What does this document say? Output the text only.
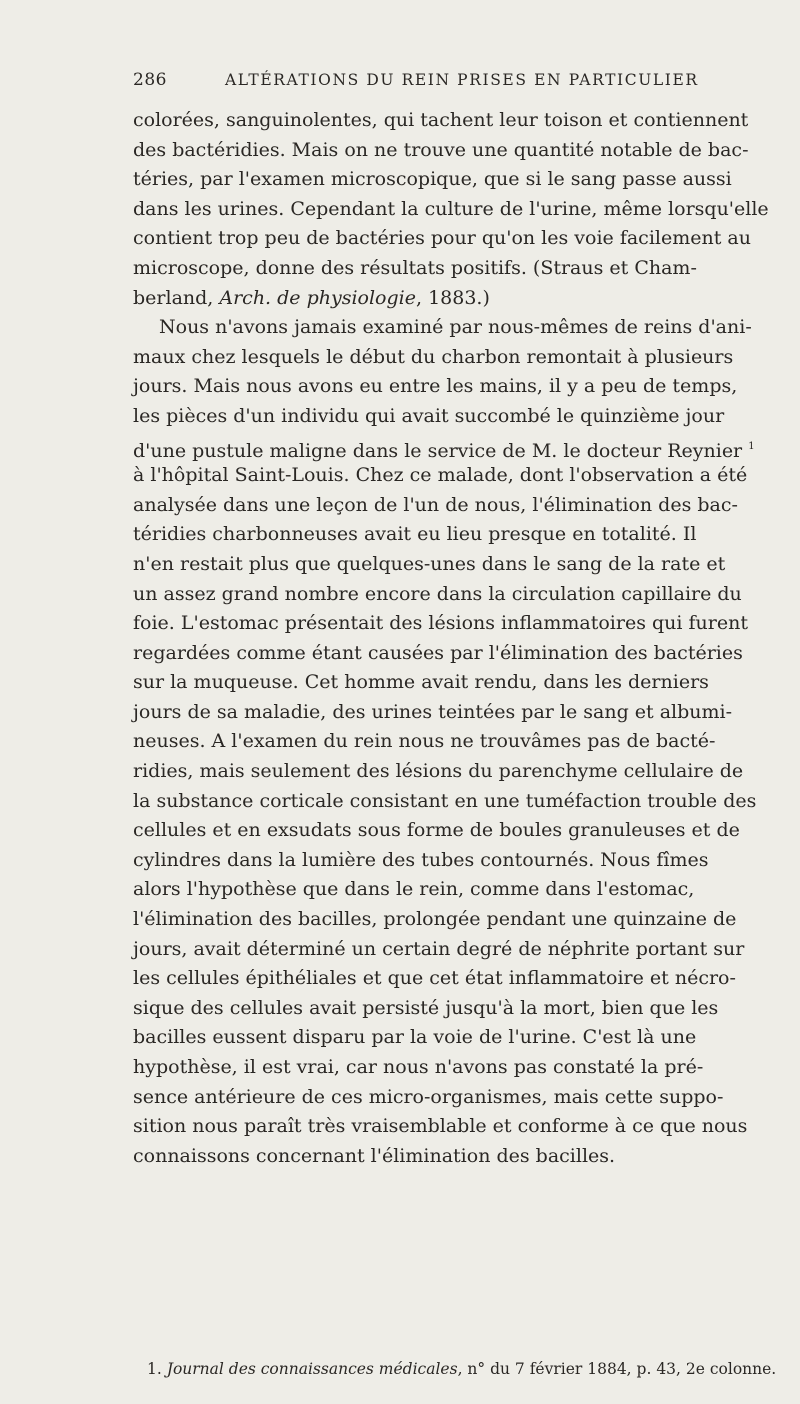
286	ALTÉRATIONS DU REIN PRISES EN PARTICULIER
colorées, sanguinolentes, qui tachent leur toison et contiennent
des bactéridies. Mais on ne trouve une quantité notable de bac-
téries, par l'examen microscopique, que si le sang passe aussi
dans les urines. Cependant la culture de l'urine, même lorsqu'elle
contient trop peu de bactéries pour qu'on les voie facilement au
microscope, donne des résultats positifs. (Straus et Cham-
berland, Arch. de physiologie, 1883.)
Nous n'avons jamais examiné par nous-mêmes de reins d'ani-
maux chez lesquels le début du charbon remontait à plusieurs
jours. Mais nous avons eu entre les mains, il y a peu de temps,
les pièces d'un individu qui avait succombé le quinzième jour
d'une pustule maligne dans le service de M. le docteur Reynier $^1$
à l'hôpital Saint-Louis. Chez ce malade, dont l'observation a été
analysée dans une leçon de l'un de nous, l'élimination des bac-
téridies charbonneuses avait eu lieu presque en totalité. Il
n'en restait plus que quelques-unes dans le sang de la rate et
un assez grand nombre encore dans la circulation capillaire du
foie. L'estomac présentait des lésions inflammatoires qui furent
regardées comme étant causées par l'élimination des bactéries
sur la muqueuse. Cet homme avait rendu, dans les derniers
jours de sa maladie, des urines teintées par le sang et albumi-
neuses. A l'examen du rein nous ne trouvâmes pas de bacté-
ridies, mais seulement des lésions du parenchyme cellulaire de
la substance corticale consistant en une tuméfaction trouble des
cellules et en exsudats sous forme de boules granuleuses et de
cylindres dans la lumière des tubes contournés. Nous fîmes
alors l'hypothèse que dans le rein, comme dans l'estomac,
l'élimination des bacilles, prolongée pendant une quinzaine de
jours, avait déterminé un certain degré de néphrite portant sur
les cellules épithéliales et que cet état inflammatoire et nécro-
sique des cellules avait persisté jusqu'à la mort, bien que les
bacilles eussent disparu par la voie de l'urine. C'est là une
hypothèse, il est vrai, car nous n'avons pas constaté la pré-
sence antérieure de ces micro-organismes, mais cette suppo-
sition nous paraît très vraisemblable et conforme à ce que nous
connaissons concernant l'élimination des bacilles.
1. Journal des connaissances médicales, n° du 7 février 1884, p. 43, 2e colonne.
